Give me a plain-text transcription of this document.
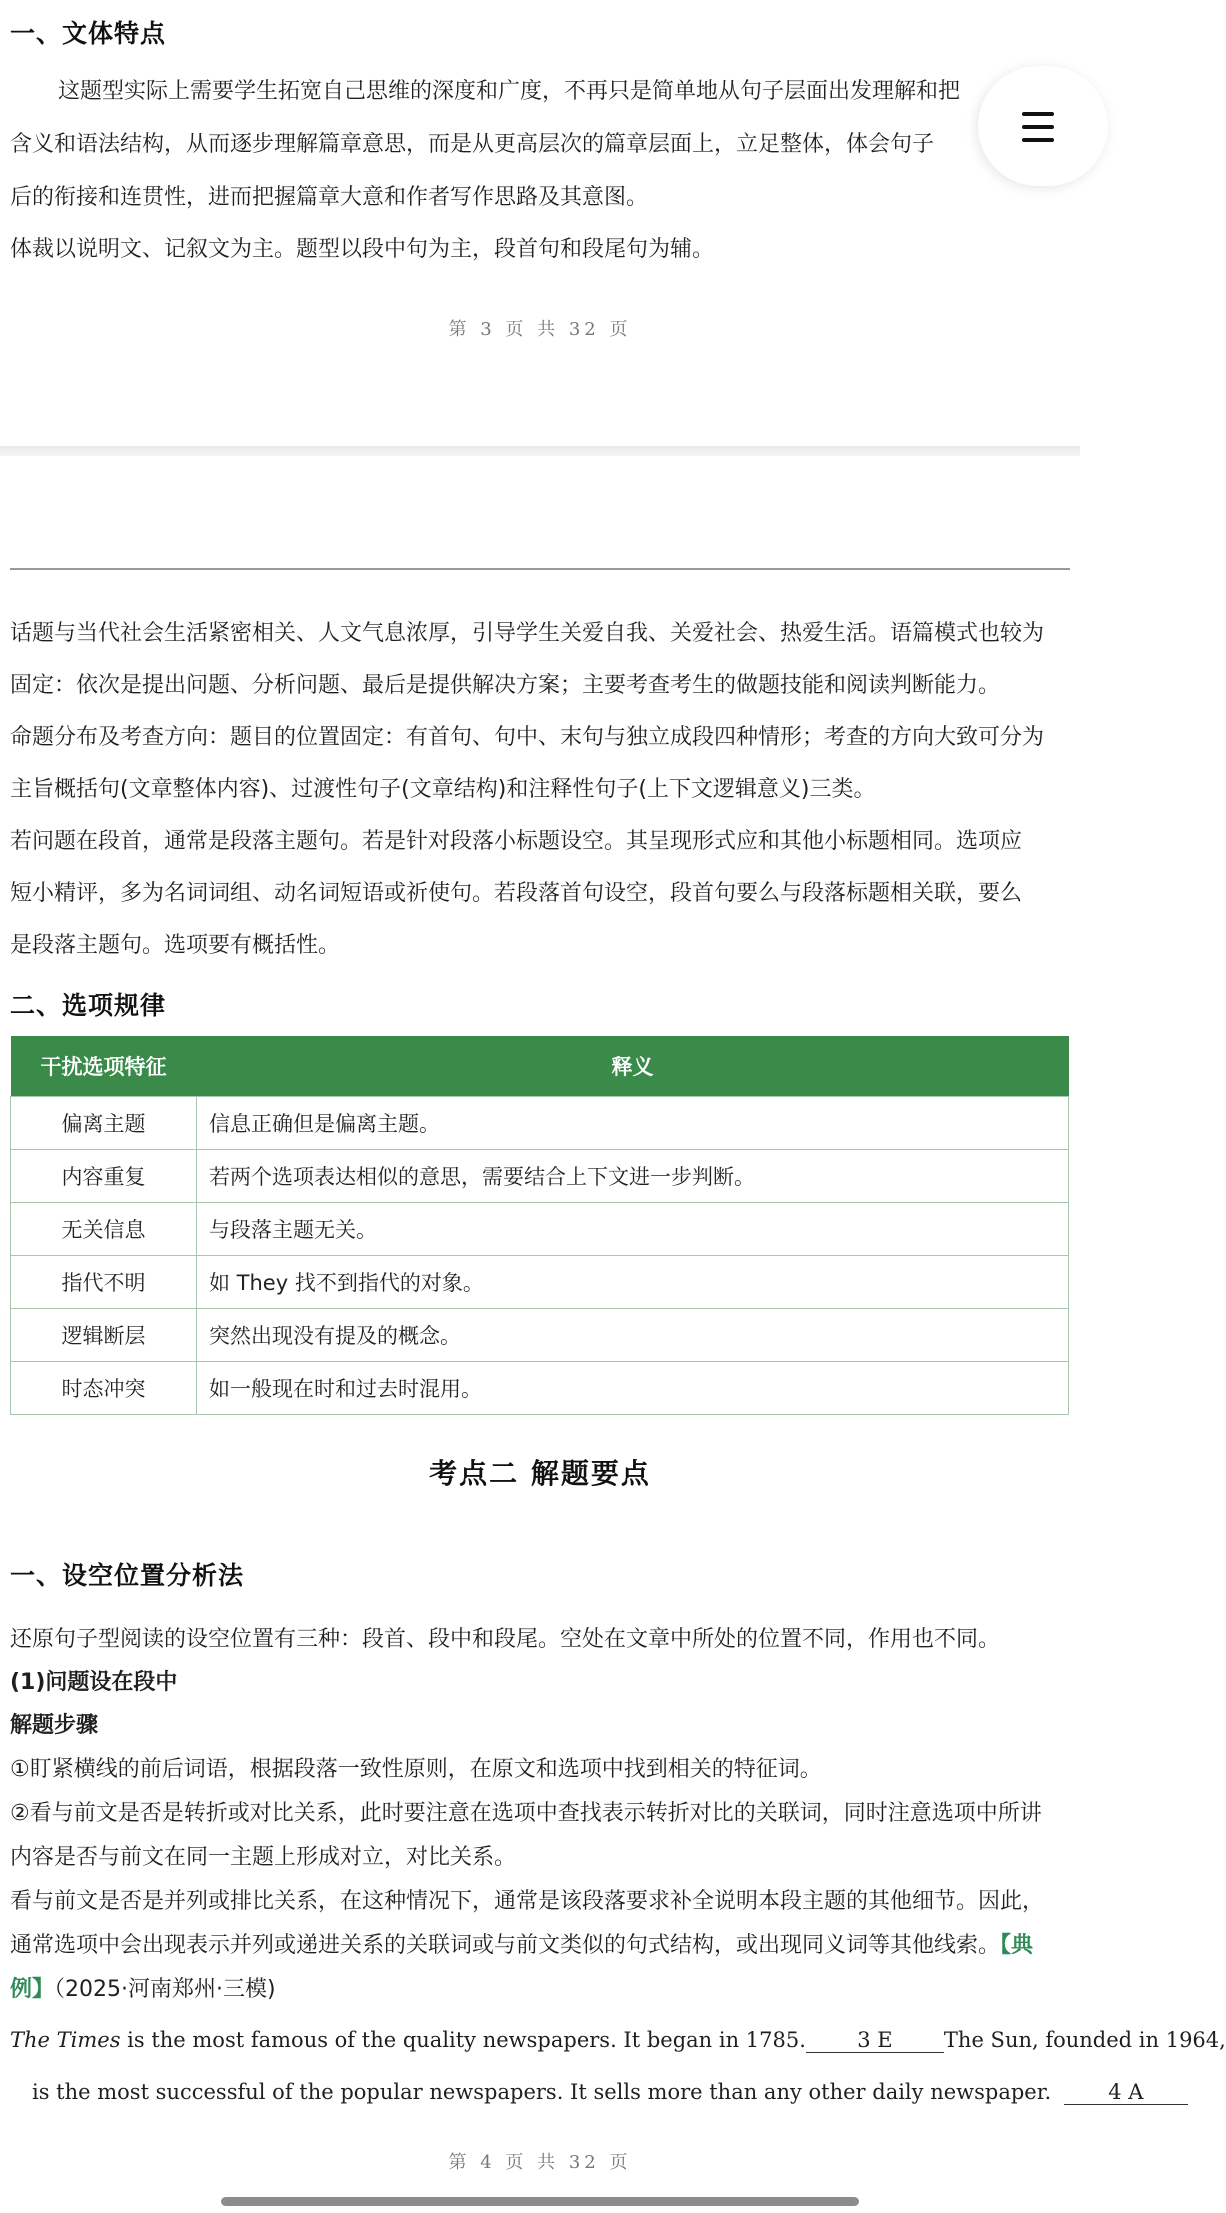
一、文体特点
这题型实际上需要学生拓宽自己思维的深度和广度，不再只是简单地从句子层面出发理解和把
含义和语法结构，从而逐步理解篇章意思，而是从更高层次的篇章层面上，立足整体，体会句子
后的衔接和连贯性，进而把握篇章大意和作者写作思路及其意图。
体裁以说明文、记叙文为主。题型以段中句为主，段首句和段尾句为辅。
第 3 页 共 32 页
话题与当代社会生活紧密相关、人文气息浓厚，引导学生关爱自我、关爱社会、热爱生活。语篇模式也较为
固定：依次是提出问题、分析问题、最后是提供解决方案；主要考查考生的做题技能和阅读判断能力。
命题分布及考查方向：题目的位置固定：有首句、句中、末句与独立成段四种情形；考查的方向大致可分为
主旨概括句(文章整体内容)、过渡性句子(文章结构)和注释性句子(上下文逻辑意义)三类。
若问题在段首，通常是段落主题句。若是针对段落小标题设空。其呈现形式应和其他小标题相同。选项应
短小精评，多为名词词组、动名词短语或祈使句。若段落首句设空，段首句要么与段落标题相关联，要么
是段落主题句。选项要有概括性。
二、选项规律
干扰选项特征	释义
偏离主题	信息正确但是偏离主题。
内容重复	若两个选项表达相似的意思，需要结合上下文进一步判断。
无关信息	与段落主题无关。
指代不明	如 They 找不到指代的对象。
逻辑断层	突然出现没有提及的概念。
时态冲突	如一般现在时和过去时混用。
考点二 解题要点
一、设空位置分析法
还原句子型阅读的设空位置有三种：段首、段中和段尾。空处在文章中所处的位置不同，作用也不同。
(1)问题设在段中
解题步骤
①盯紧横线的前后词语，根据段落一致性原则，在原文和选项中找到相关的特征词。
②看与前文是否是转折或对比关系，此时要注意在选项中查找表示转折对比的关联词，同时注意选项中所讲
内容是否与前文在同一主题上形成对立，对比关系。
看与前文是否是并列或排比关系，在这种情况下，通常是该段落要求补全说明本段主题的其他细节。因此，
通常选项中会出现表示并列或递进关系的关联词或与前文类似的句式结构，或出现同义词等其他线索。【典
例】（2025·河南郑州·三模)
The Times is the most famous of the quality newspapers. It began in 1785. 3 E The Sun, founded in 1964,
is the most successful of the popular newspapers. It sells more than any other daily newspaper.	4 A
第 4 页 共 32 页
